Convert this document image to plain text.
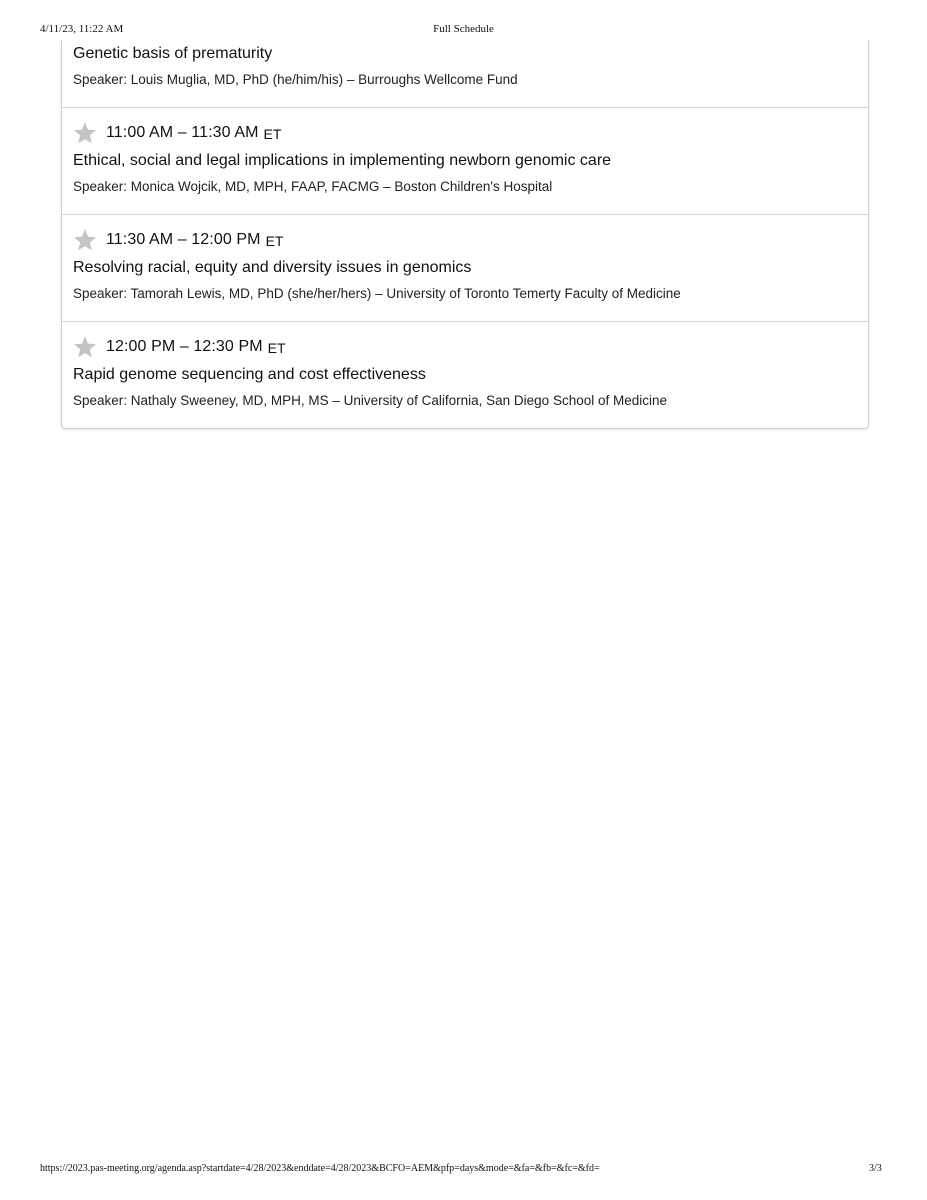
4/11/23, 11:22 AM	Full Schedule
Genetic basis of prematurity
Speaker: Louis Muglia, MD, PhD (he/him/his) – Burroughs Wellcome Fund
11:00 AM – 11:30 AM ET
Ethical, social and legal implications in implementing newborn genomic care
Speaker: Monica Wojcik, MD, MPH, FAAP, FACMG – Boston Children's Hospital
11:30 AM – 12:00 PM ET
Resolving racial, equity and diversity issues in genomics
Speaker: Tamorah Lewis, MD, PhD (she/her/hers) – University of Toronto Temerty Faculty of Medicine
12:00 PM – 12:30 PM ET
Rapid genome sequencing and cost effectiveness
Speaker: Nathaly Sweeney, MD, MPH, MS – University of California, San Diego School of Medicine
https://2023.pas-meeting.org/agenda.asp?startdate=4/28/2023&enddate=4/28/2023&BCFO=AEM&pfp=days&mode=&fa=&fb=&fc=&fd=	3/3
